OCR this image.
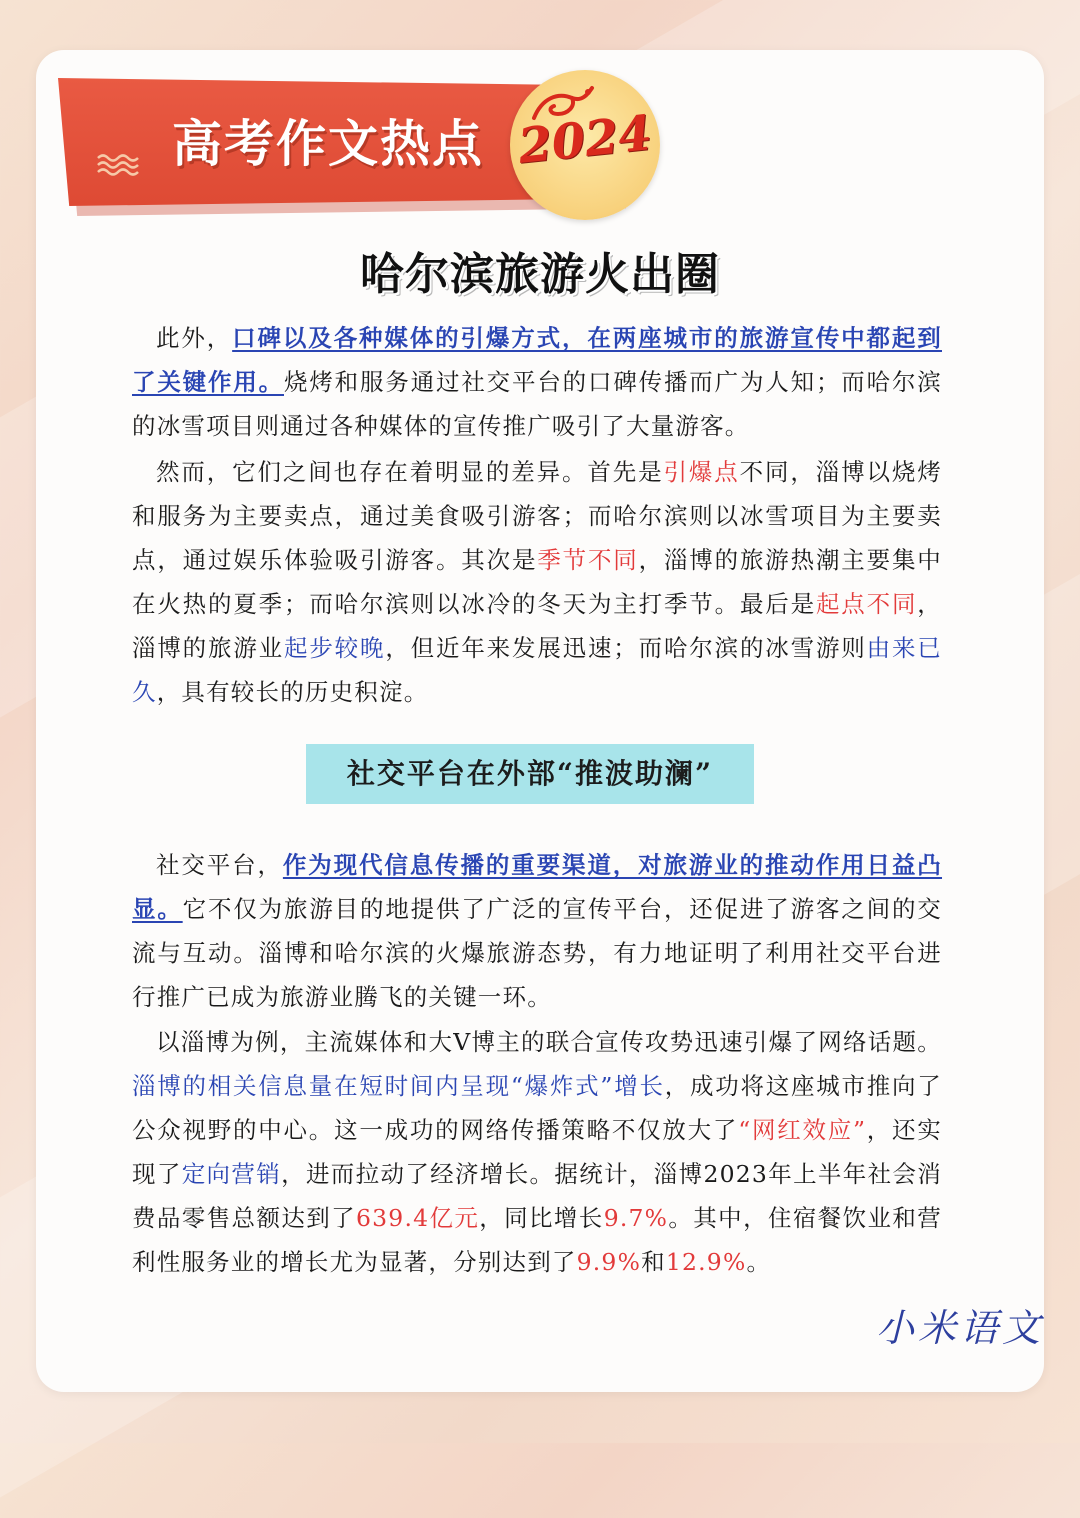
高考作文热点 2024
哈尔滨旅游火出圈
此外，口碑以及各种媒体的引爆方式，在两座城市的旅游宣传中都起到了关键作用。烧烤和服务通过社交平台的口碑传播而广为人知；而哈尔滨的冰雪项目则通过各种媒体的宣传推广吸引了大量游客。
然而，它们之间也存在着明显的差异。首先是引爆点不同，淄博以烧烤和服务为主要卖点，通过美食吸引游客；而哈尔滨则以冰雪项目为主要卖点，通过娱乐体验吸引游客。其次是季节不同，淄博的旅游热潮主要集中在火热的夏季；而哈尔滨则以冰冷的冬天为主打季节。最后是起点不同，淄博的旅游业起步较晚，但近年来发展迅速；而哈尔滨的冰雪游则由来已久，具有较长的历史积淀。
社交平台在外部“推波助澜”
社交平台，作为现代信息传播的重要渠道，对旅游业的推动作用日益凸显。它不仅为旅游目的地提供了广泛的宣传平台，还促进了游客之间的交流与互动。淄博和哈尔滨的火爆旅游态势，有力地证明了利用社交平台进行推广已成为旅游业腾飞的关键一环。
以淄博为例，主流媒体和大V博主的联合宣传攻势迅速引爆了网络话题。淄博的相关信息量在短时间内呈现“爆炸式”增长，成功将这座城市推向了公众视野的中心。这一成功的网络传播策略不仅放大了“网红效应”，还实现了定向营销，进而拉动了经济增长。据统计，淄博2023年上半年社会消费品零售总额达到了639.4亿元，同比增长9.7%。其中，住宿餐饮业和营利性服务业的增长尤为显著，分别达到了9.9%和12.9%。
小米语文
